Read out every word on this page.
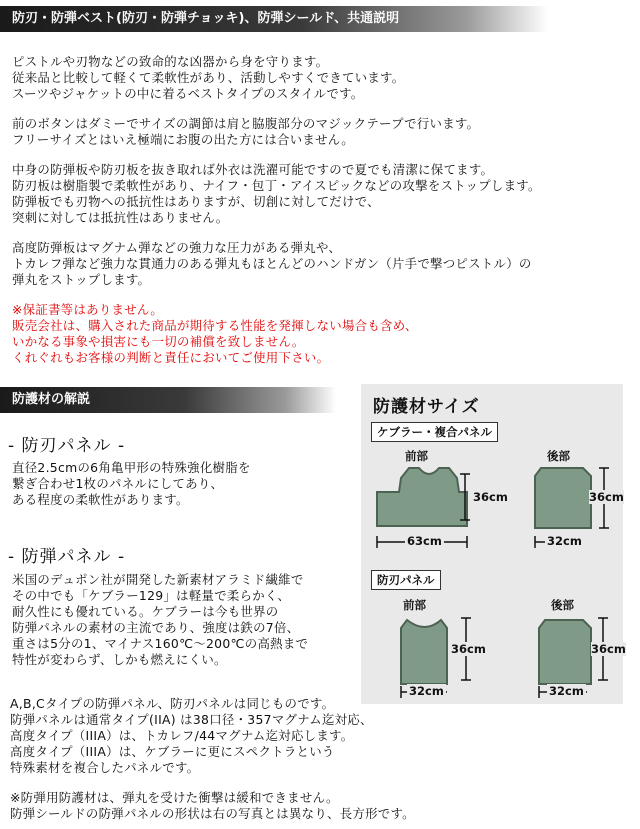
防刃・防弾ベスト(防刃・防弾チョッキ)、防弾シールド、共通説明

ピストルや刃物などの致命的な凶器から身を守ります。
従来品と比較して軽くて柔軟性があり、活動しやすくできています。
スーツやジャケットの中に着るベストタイプのスタイルです。

前のボタンはダミーでサイズの調節は肩と脇腹部分のマジックテープで行います。
フリーサイズとはいえ極端にお腹の出た方には合いません。

中身の防弾板や防刃板を抜き取れば外衣は洗濯可能ですので夏でも清潔に保てます。
防刃板は樹脂製で柔軟性があり、ナイフ・包丁・アイスピックなどの攻撃をストップします。
防弾板でも刃物への抵抗性はありますが、切創に対してだけで、
突刺に対しては抵抗性はありません。

高度防弾板はマグナム弾などの強力な圧力がある弾丸や、
トカレフ弾など強力な貫通力のある弾丸もほとんどのハンドガン（片手で撃つピストル）の
弾丸をストップします。

※保証書等はありません。
販売会社は、購入された商品が期待する性能を発揮しない場合も含め、
いかなる事象や損害にも一切の補償を致しません。
くれぐれもお客様の判断と責任においてご使用下さい。

防護材の解説
- 防刃パネル -

直径2.5cmの6角亀甲形の特殊強化樹脂を
繋ぎ合わせ1枚のパネルにしてあり、
ある程度の柔軟性があります。

- 防弾パネル -

米国のデュポン社が開発した新素材アラミド繊維で
その中でも「ケブラー129」は軽量で柔らかく、
耐久性にも優れている。ケブラーは今も世界の
防弾パネルの素材の主流であり、強度は鉄の7倍、
重さは5分の1、マイナス160℃〜200℃の高熱まで
特性が変わらず、しかも燃えにくい。

A,B,Cタイプの防弾パネル、防刃パネルは同じものです。
防弾パネルは通常タイプ(IIA) は38口径・357マグナム迄対応、
高度タイプ（IIIA）は、トカレフ/44マグナム迄対応します。
高度タイプ（IIIA）は、ケブラーに更にスペクトラという
特殊素材を複合したパネルです。

※防弾用防護材は、弾丸を受けた衝撃は緩和できません。
防弾シールドの防弾パネルの形状は右の写真とは異なり、長方形です。

防護材サイズ
ケブラー・複合パネル
防刃パネル
前部	後部
前部	後部
63cm
36cm	36cm
32cm
36cm	36cm
32cm	32cm
